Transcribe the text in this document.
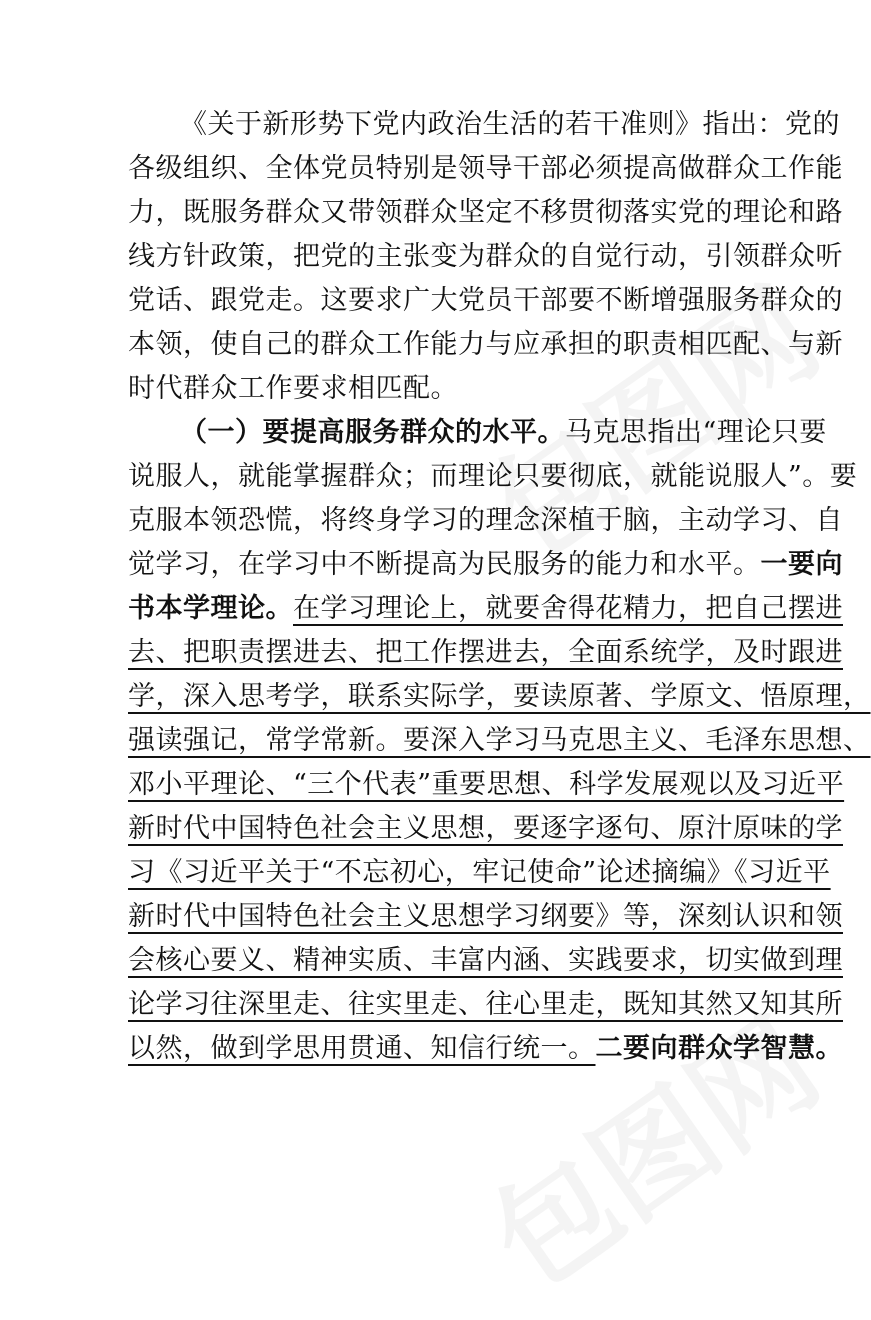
《关于新形势下党内政治生活的若干准则》指出：党的
各级组织、全体党员特别是领导干部必须提高做群众工作能
力，既服务群众又带领群众坚定不移贯彻落实党的理论和路
线方针政策，把党的主张变为群众的自觉行动，引领群众听
党话、跟党走。这要求广大党员干部要不断增强服务群众的
本领，使自己的群众工作能力与应承担的职责相匹配、与新
时代群众工作要求相匹配。
（一）要提高服务群众的水平。马克思指出“理论只要
说服人，就能掌握群众；而理论只要彻底，就能说服人”。要
克服本领恐慌，将终身学习的理念深植于脑，主动学习、自
觉学习，在学习中不断提高为民服务的能力和水平。一要向
书本学理论。在学习理论上，就要舍得花精力，把自己摆进
去、把职责摆进去、把工作摆进去，全面系统学，及时跟进
学，深入思考学，联系实际学，要读原著、学原文、悟原理，
强读强记，常学常新。要深入学习马克思主义、毛泽东思想、
邓小平理论、“三个代表”重要思想、科学发展观以及习近平
新时代中国特色社会主义思想，要逐字逐句、原汁原味的学
习《习近平关于“不忘初心，牢记使命”论述摘编》《习近平
新时代中国特色社会主义思想学习纲要》等，深刻认识和领
会核心要义、精神实质、丰富内涵、实践要求，切实做到理
论学习往深里走、往实里走、往心里走，既知其然又知其所
以然，做到学思用贯通、知信行统一。二要向群众学智慧。
